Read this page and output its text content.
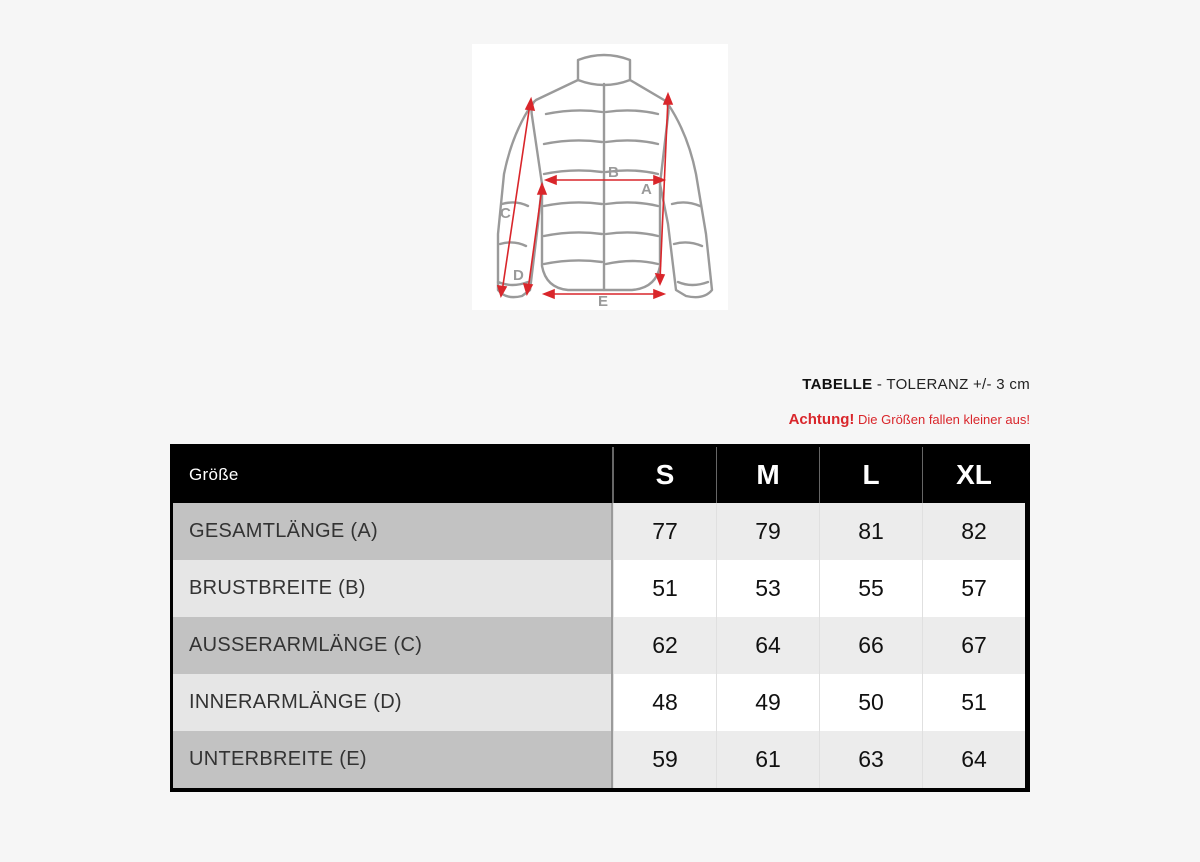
A
B
C
D
E
TABELLE - TOLERANZ +/- 3 cm
Achtung! Die Größen fallen kleiner aus!
Größe	S	M	L	XL
GESAMTLÄNGE (A)	77	79	81	82
BRUSTBREITE (B)	51	53	55	57
AUSSERARMLÄNGE (C)	62	64	66	67
INNERARMLÄNGE (D)	48	49	50	51
UNTERBREITE (E)	59	61	63	64
